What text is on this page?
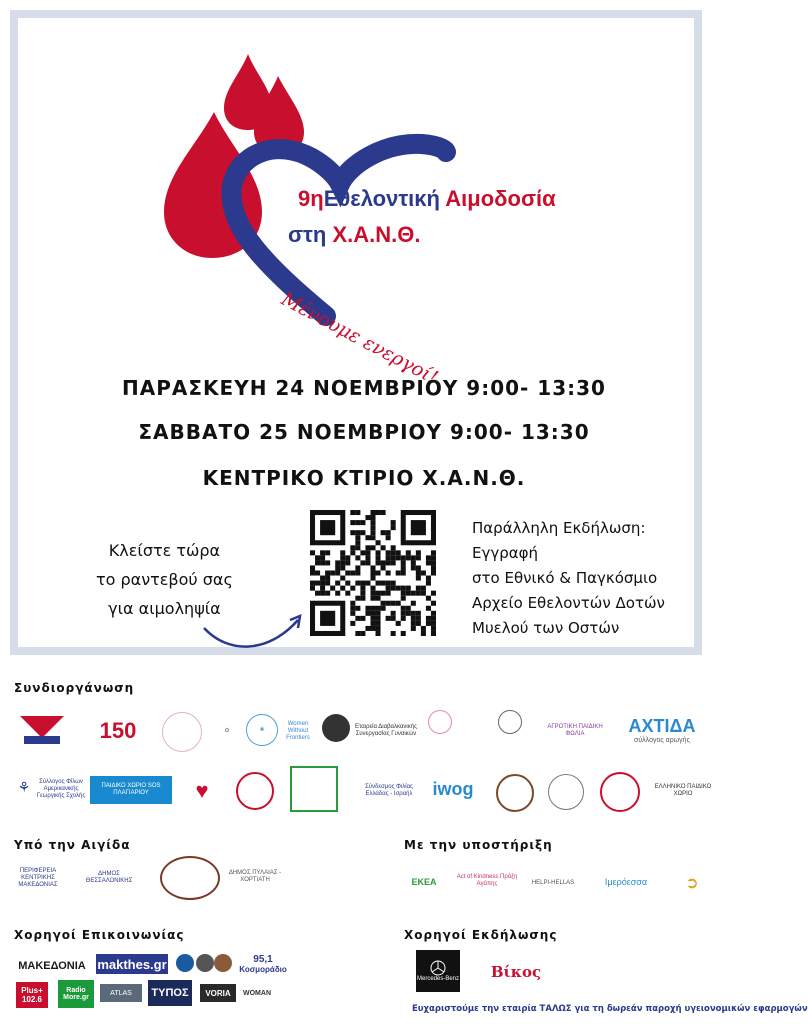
9ηΕθελοντική Αιμοδοσία
στη Χ.Α.Ν.Θ.
Μένουμε ενεργοί!
ΠΑΡΑΣΚΕΥΗ 24 ΝΟΕΜΒΡΙΟΥ 9:00- 13:30
ΣΑΒΒΑΤΟ 25 ΝΟΕΜΒΡΙΟΥ 9:00- 13:30
ΚΕΝΤΡΙΚΟ ΚΤΙΡΙΟ Χ.Α.Ν.Θ.
Κλείστε τώρα
το ραντεβού σας
για αιμοληψία
Παράλληλη Εκδήλωση:
Εγγραφή
στο Εθνικό & Παγκόσμιο
Αρχείο Εθελοντών Δοτών
Μυελού των Οστών
Συνδιοργάνωση
150	✿	❀
Women Without Frontiers
Εταιρεία Διαβαλκανικής Συνεργασίας Γυναικών
ΑΓΡΟΤΙΚΗ ΠΑΙΔΙΚΗ ΦΩΛΙΑ	ΑΧΤΙΔΑ
σύλλογος αρωγής
⚘	Σύλλογος Φίλων Αμερικανικής Γεωργικής Σχολής
ΠΑΙΔΙΚΟ ΧΩΡΙΟ SOS ΠΛΑΓΙΑΡΙΟΥ	♥	Σύνδεσμος Φιλίας Ελλάδας - Ισραήλ	iwog	ΕΛΛΗΝΙΚΟ ΠΑΙΔΙΚΟ ΧΩΡΙΟ
Υπό την Αιγίδα
ΠΕΡΙΦΕΡΕΙΑ ΚΕΝΤΡΙΚΗΣ ΜΑΚΕΔΟΝΙΑΣ
ΔΗΜΟΣ ΘΕΣΣΑΛΟΝΙΚΗΣ
ΔΗΜΟΣ ΠΥΛΑΙΑΣ - ΧΟΡΤΙΑΤΗ
Με την υποστήριξη
ΕΚΕΑ	Act of Kindness Πράξη Αγάπης	HELPI-HELLAS	Ιμερόεσσα	➲
Χορηγοί Επικοινωνίας
ΜΑΚΕΔΟΝΙΑ makthes.gr	95,1
Κοσμοράδιο
Plus+
102.6
Radio More.gr
ATLAS	ΤΥΠΟΣ	VORIA	WOMAN
Χορηγοί Εκδήλωσης
Mercedes-Benz	Βίκος
Ευχαριστούμε την εταιρία ΤΑΛΩΣ για τη δωρεάν παροχή υγειονομικών εφαρμογών
